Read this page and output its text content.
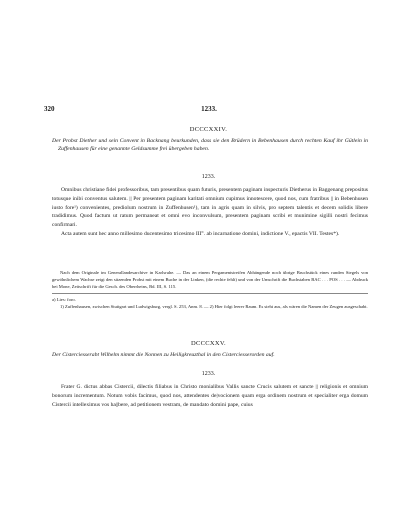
320	1233.
DCCCXXIV.
Der Probst Diether und sein Convent in Backnang beurkunden, dass sie den Brüdern in Bebenhausen durch rechten Kauf ihr Gütlein in Zuffenhausen für eine genannte Geldsumme frei übergeben haben.
1233.

Omnibus christiane fidei professoribus, tam presentibus quam futuris, presentem paginam inspecturis Dietherus in Baggenang prepositus totusque inibi conventus salutem. || Per presentem paginam karitati omnium cupimus innotescere, quod nos, cum fratribus || in Bebenhusen iusto fore¹) convenientes, prediolum nostrum in Zuffenhusen¹), tam in agris quam in silvis, pro septem talentis et decem solidis libere tradidimus. Quod factum ut ratum permaneat et omni evo inconvulsum, presentem paginam scribi et munimine sigilli nostri fecimus confirmari.

Acta autem sunt hec anno millesimo ducentesimo tricesimo III°. ab incarnatione domini, indictione V., epactis VII. Testes*).

Nach dem Originale im Generallandesarchive in Karlsruhe. — Das an einem Pergamentstreifen Abhängende noch übrige Bruchstück eines runden Siegels von gewöhnlichem Wachse zeigt den sitzenden Probst mit einem Buche in der Linken, (die rechte fehlt) und von der Umschrift die Buchstaben BAC . . . POS . . . — Abdruck bei Mone, Zeitschrift für die Gesch. des Oberrheins, Bd. III, S. 115.

a) Lies: foro.

1) Zuffenhausen, zwischen Stuttgart und Ludwigsburg, vergl. S. 253, Anm. 8. — 2) Hier folgt leerer Raum. Es sieht aus, als wären die Namen der Zeugen ausgeschabt.

DCCCXXV.
Der Cisterciesserabt Wilhelm nimmt die Nonnen zu Heiligkreuzthal in den Cisterciesserorden auf.
1233.

Frater G. dictus abbas Cistercii, dilectis filiabus in Christo monialibus Vallis sancte Crucis salutem et sancte || religionis et omnium bonorum incrementum. Notum vobis facimus, quod nos, attendentes de|vocionem quam erga ordinem nostrum et specialiter erga domum Cistercii intelleximus vos ha||bere, ad petitionem vestram, de mandato domini pape, cuius
